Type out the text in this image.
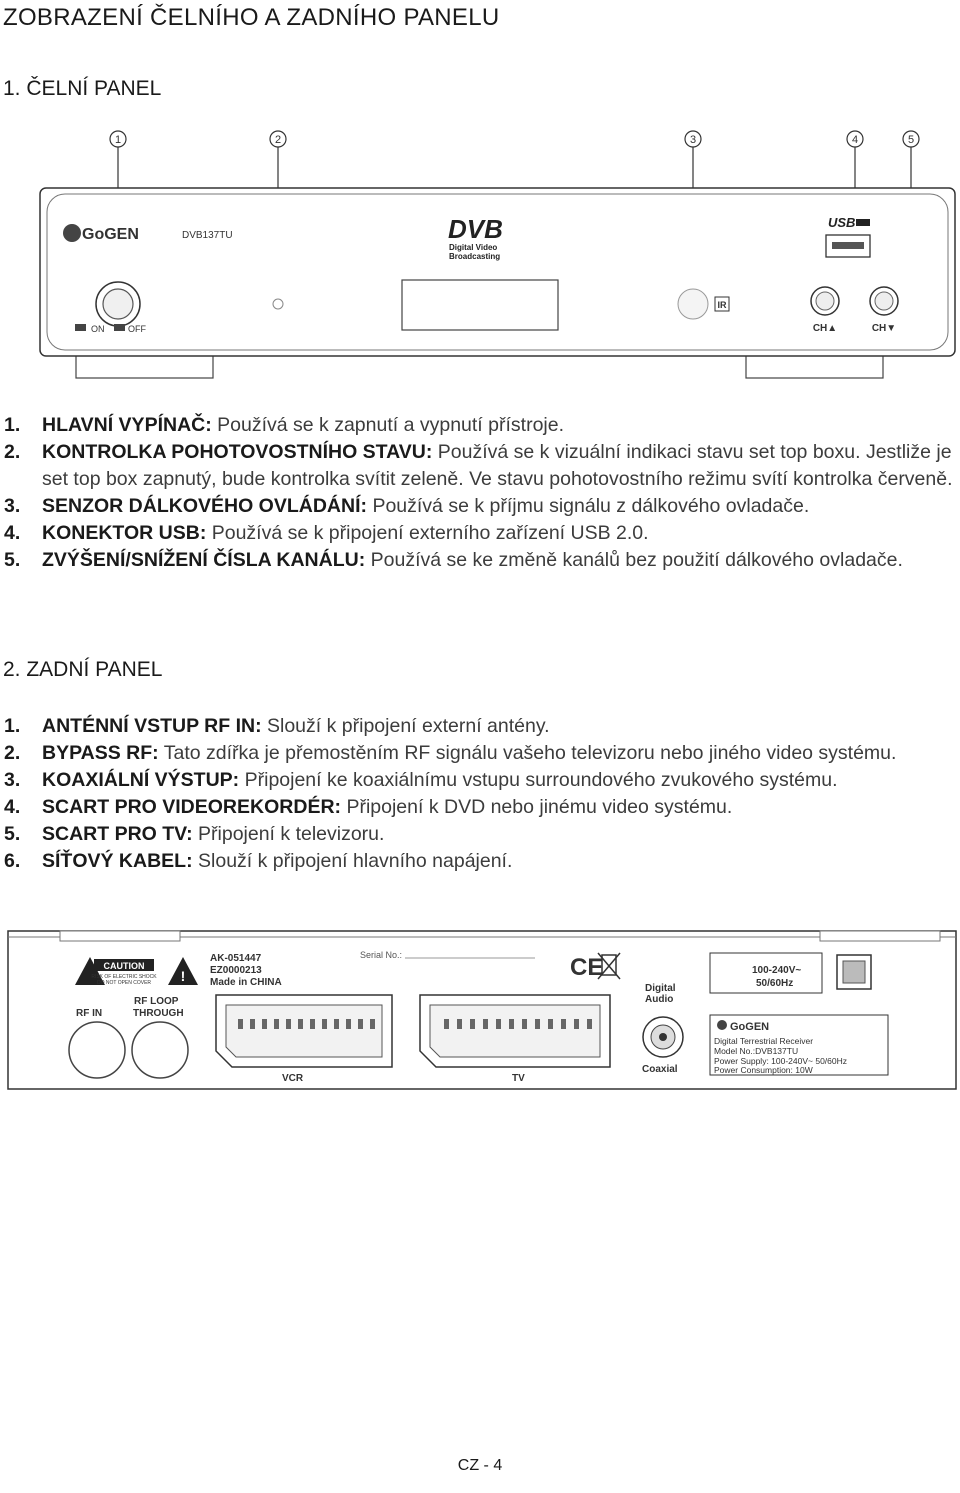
ZOBRAZENÍ ČELNÍHO A ZADNÍHO PANELU
1. ČELNÍ PANEL
1	2	3	4	5
GoGEN	DVB137TU	DVB
Digital Video
Broadcasting
USB
ON	OFF
IR
CH▲	CH▼
1.	HLAVNÍ VYPÍNAČ: Používá se k zapnutí a vypnutí přístroje.
2.	KONTROLKA POHOTOVOSTNÍHO STAVU: Používá se k vizuální indikaci stavu set top boxu. Jestliže je set top box zapnutý, bude kontrolka svítit zeleně. Ve stavu pohotovostního režimu svítí kontrolka červeně.
3.	SENZOR DÁLKOVÉHO OVLÁDÁNÍ: Používá se k příjmu signálu z dálkového ovladače.
4.	KONEKTOR USB: Používá se k připojení externího zařízení USB 2.0.
5.	ZVÝŠENÍ/SNÍŽENÍ ČÍSLA KANÁLU: Používá se ke změně kanálů bez použití dálkového ovladače.
2. ZADNÍ PANEL
1.	ANTÉNNÍ VSTUP RF IN: Slouží k připojení externí antény.
2.	BYPASS RF: Tato zdířka je přemostěním RF signálu vašeho televizoru nebo jiného video systému.
3.	KOAXIÁLNÍ VÝSTUP: Připojení ke koaxiálnímu vstupu surroundového zvukového systému.
4.	SCART PRO VIDEOREKORDÉR: Připojení k DVD nebo jinému video systému.
5.	SCART PRO TV: Připojení k televizoru.
6.	SÍŤOVÝ KABEL: Slouží k připojení hlavního napájení.
!
CAUTION
RISK OF ELECTRIC SHOCK
DO NOT OPEN COVER
RF LOOP
THROUGH
RF IN
AK-051447
EZ0000213
Made in CHINA
Serial No.:
VCR	TV
CE
Digital
Audio
Coaxial
100-240V~
50/60Hz
GoGEN
Digital Terrestrial Receiver
Model No.:DVB137TU
Power Supply: 100-240V~ 50/60Hz
Power Consumption: 10W
CZ - 4
